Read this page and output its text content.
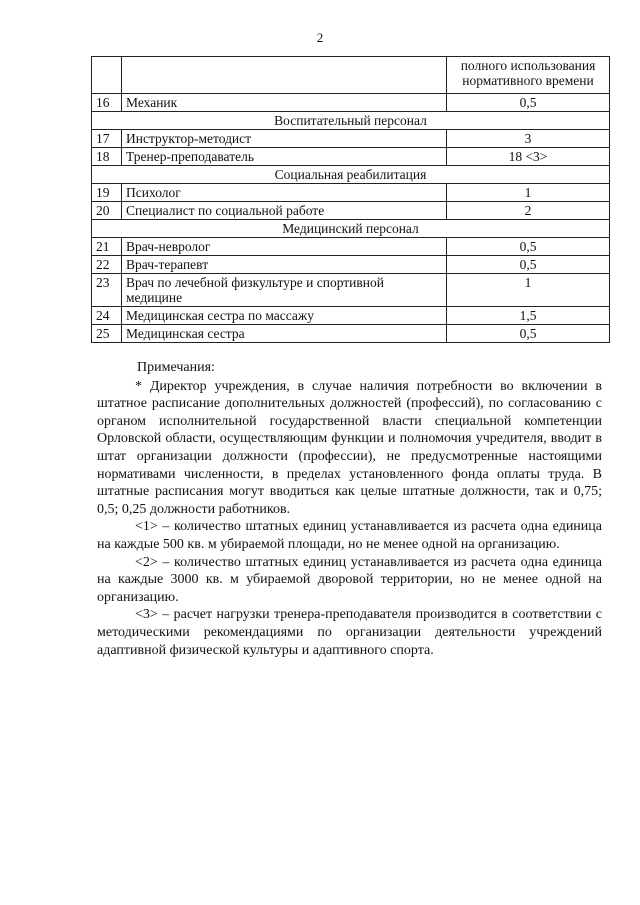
2
		полного использования нормативного времени
16	Механик	0,5
Воспитательный персонал		
17	Инструктор-методист	3
18	Тренер-преподаватель	18 <3>
Социальная реабилитация		
19	Психолог	1
20	Специалист по социальной работе	2
Медицинский персонал		
21	Врач-невролог	0,5
22	Врач-терапевт	0,5
23	Врач по лечебной физкультуре и спортивной медицине	1
24	Медицинская сестра по массажу	1,5
25	Медицинская сестра	0,5

Примечания:

* Директор учреждения, в случае наличия потребности во включении в штатное расписание дополнительных должностей (профессий), по согласованию с органом исполнительной государственной власти специальной компетенции Орловской области, осуществляющим функции и полномочия учредителя, вводит в штат организации должности (профессии), не предусмотренные настоящими нормативами численности, в пределах установленного фонда оплаты труда. В штатные расписания могут вводиться как целые штатные должности, так и 0,75; 0,5; 0,25 должности работников.

<1> – количество штатных единиц устанавливается из расчета одна единица на каждые 500 кв. м убираемой площади, но не менее одной на организацию.

<2> – количество штатных единиц устанавливается из расчета одна единица на каждые 3000 кв. м убираемой дворовой территории, но не менее одной на организацию.

<3> – расчет нагрузки тренера-преподавателя производится в соответствии с методическими рекомендациями по организации деятельности учреждений адаптивной физической культуры и адаптивного спорта.
